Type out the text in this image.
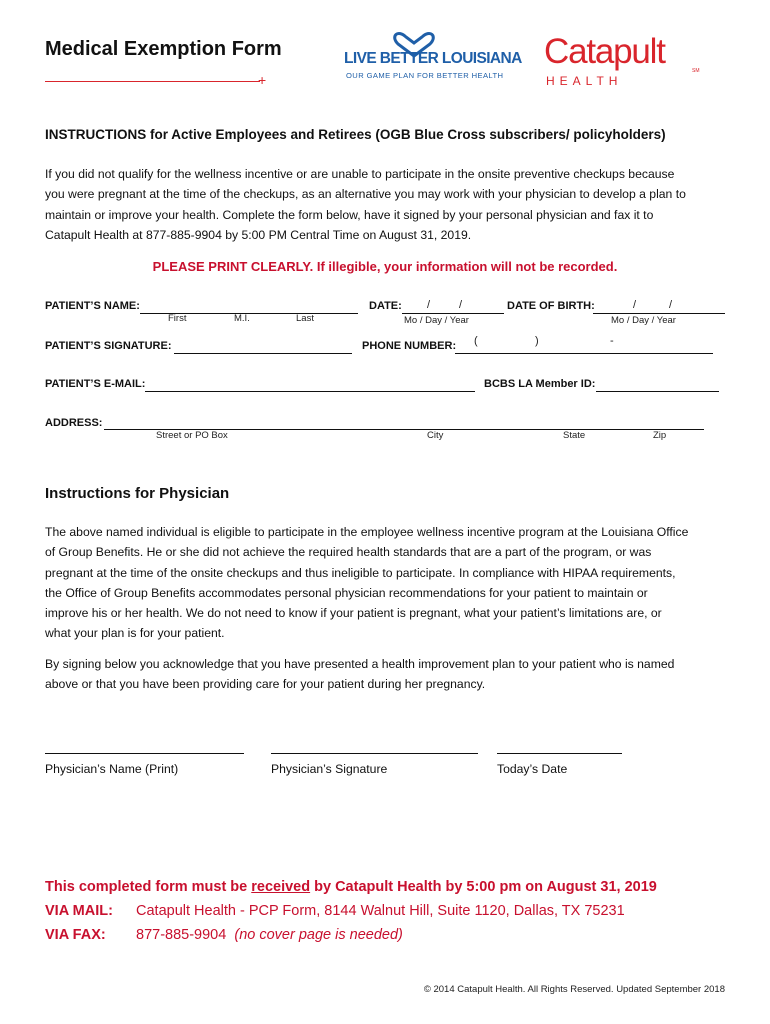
Medical Exemption Form
+
LIVE BETTER LOUISIANA
OUR GAME PLAN FOR BETTER HEALTH
Catapult	SM
HEALTH
INSTRUCTIONS for Active Employees and Retirees (OGB Blue Cross subscribers/ policyholders)
If you did not qualify for the wellness incentive or are unable to participate in the onsite preventive checkups because
you were pregnant at the time of the checkups, as an alternative you may work with your physician to develop a plan to
maintain or improve your health. Complete the form below, have it signed by your personal physician and fax it to
Catapult Health at 877-885-9904 by 5:00 PM Central Time on August 31, 2019.
PLEASE PRINT CLEARLY. If illegible, your information will not be recorded.
PATIENT’S NAME:
First	M.I.	Last
DATE: /	/
Mo / Day / Year
DATE OF BIRTH:	/	/
Mo / Day / Year
PATIENT’S SIGNATURE:	PHONE NUMBER: (	)	-
PATIENT’S E-MAIL:	BCBS LA Member ID:
ADDRESS:
Street or PO Box	City	State	Zip
Instructions for Physician
The above named individual is eligible to participate in the employee wellness incentive program at the Louisiana Office
of Group Benefits. He or she did not achieve the required health standards that are a part of the program, or was
pregnant at the time of the onsite checkups and thus ineligible to participate. In compliance with HIPAA requirements,
the Office of Group Benefits accommodates personal physician recommendations for your patient to maintain or
improve his or her health. We do not need to know if your patient is pregnant, what your patient’s limitations are, or
what your plan is for your patient.
By signing below you acknowledge that you have presented a health improvement plan to your patient who is named
above or that you have been providing care for your patient during her pregnancy.
Physician’s Name (Print)	Physician’s Signature	Today’s Date
This completed form must be received by Catapult Health by 5:00 pm on August 31, 2019
VIA MAIL: Catapult Health - PCP Form, 8144 Walnut Hill, Suite 1120, Dallas, TX 75231
VIA FAX: 877-885-9904 (no cover page is needed)
© 2014 Catapult Health. All Rights Reserved. Updated September 2018
